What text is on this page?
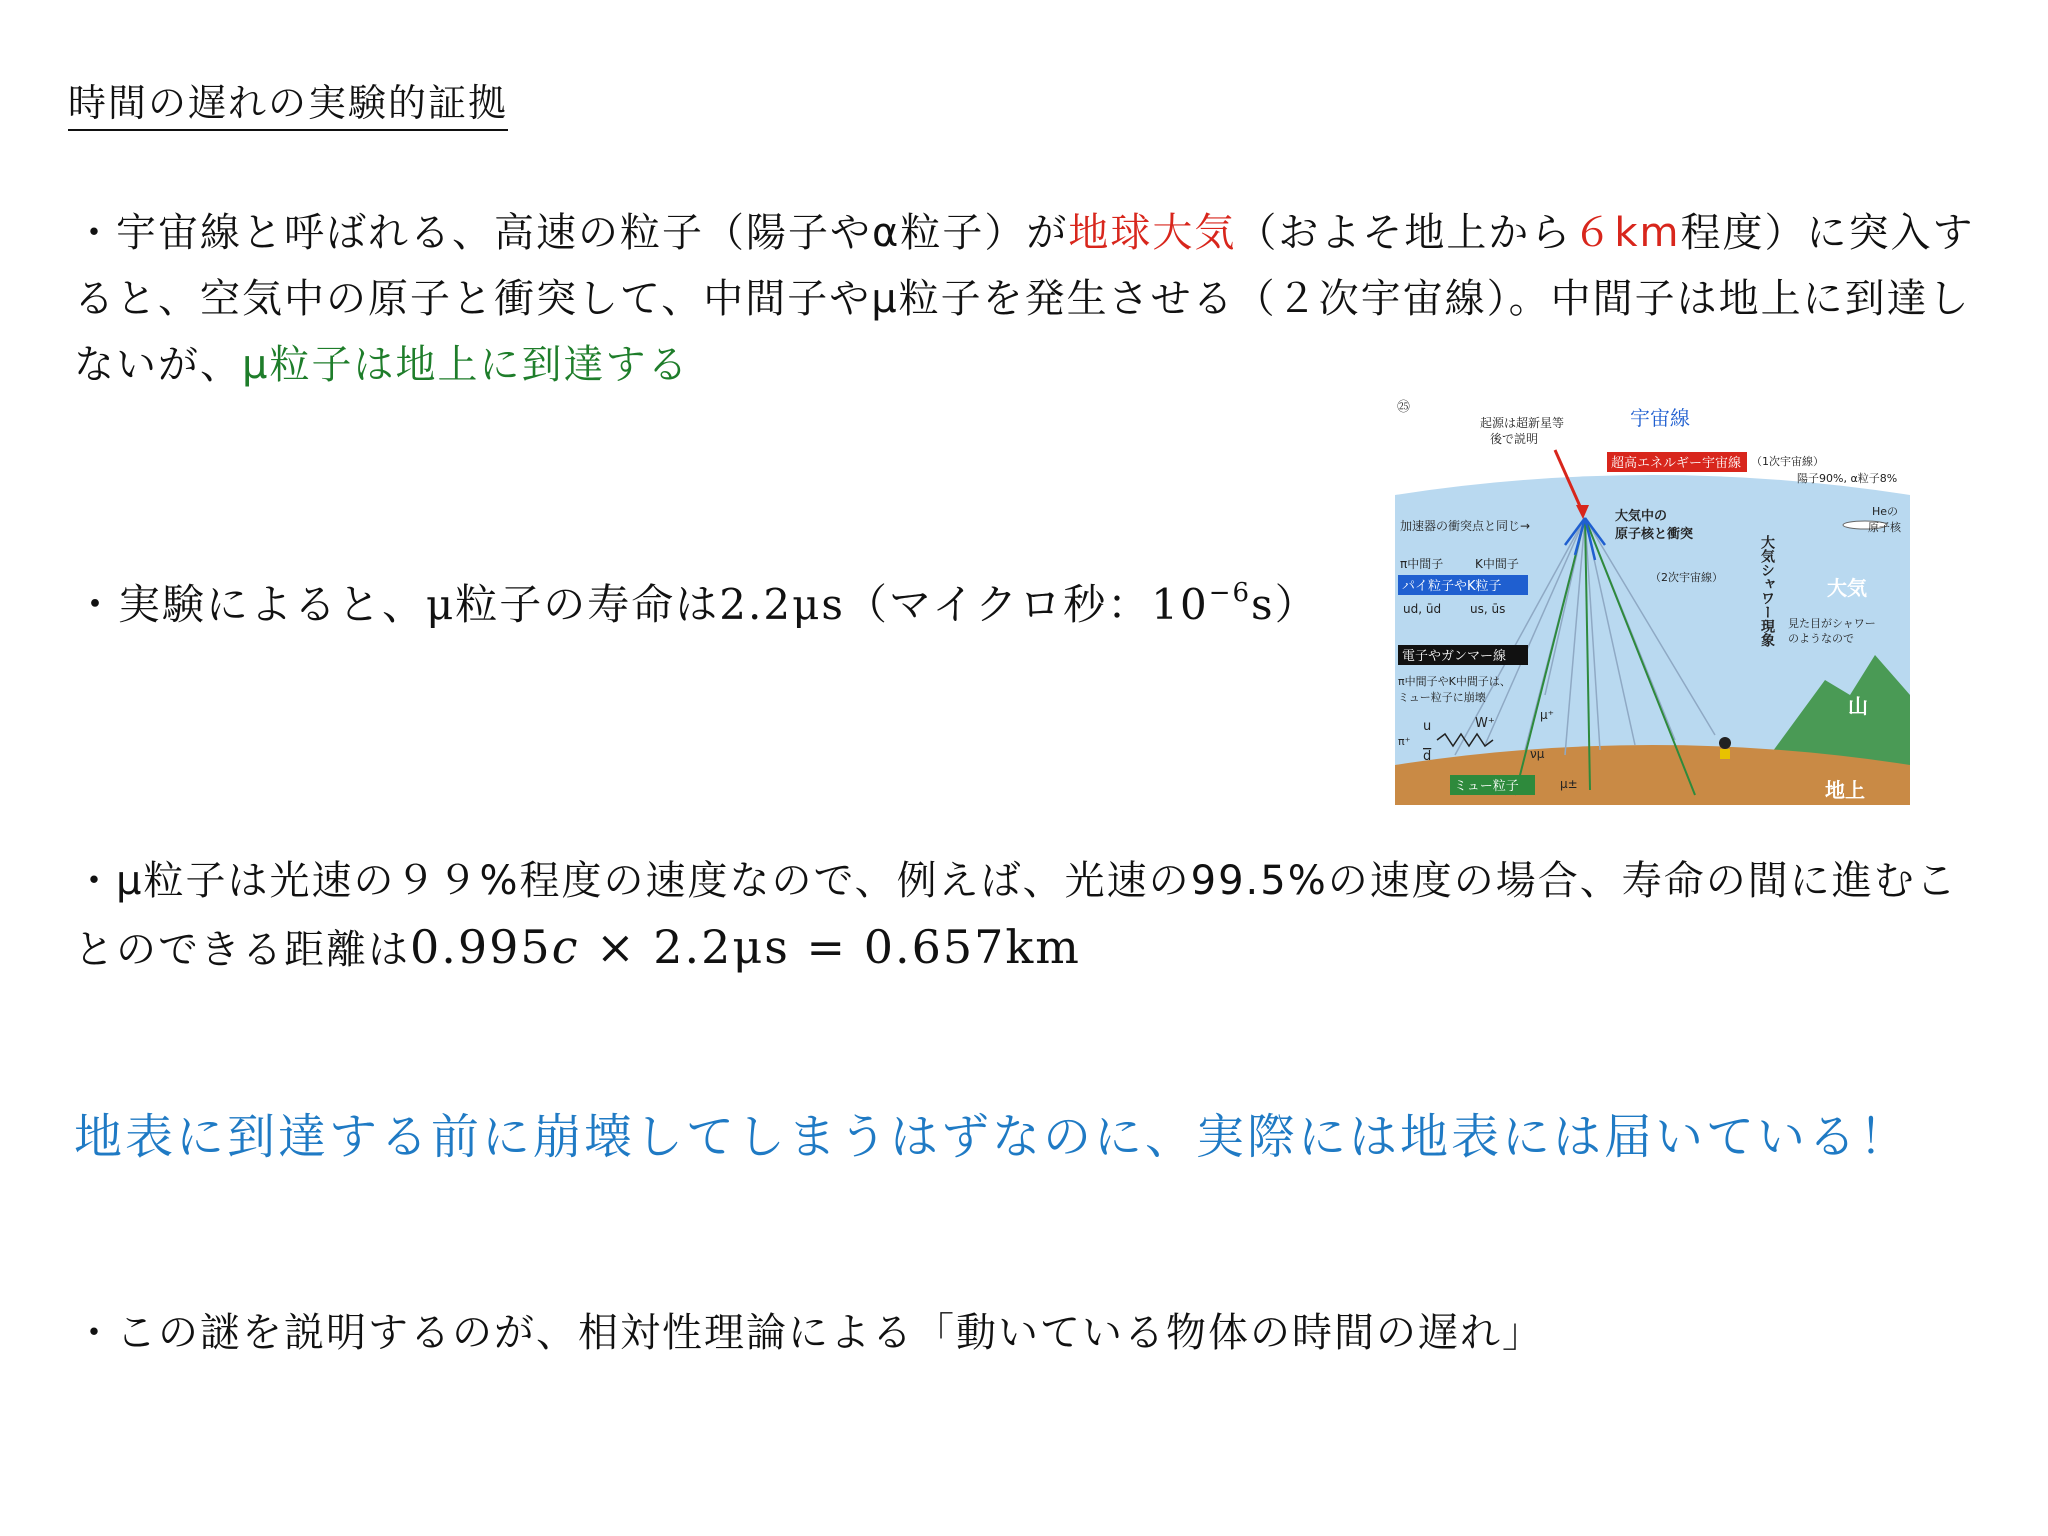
時間の遅れの実験的証拠
・宇宙線と呼ばれる、高速の粒子（陽子やα粒子）が地球大気（およそ地上から６km程度）に突入すると、空気中の原子と衝突して、中間子やμ粒子を発生させる（２次宇宙線）。中間子は地上に到達しないが、μ粒子は地上に到達する
・実験によると、μ粒子の寿命は2.2μs（マイクロ秒：$10^{-6}s$）
㉕	宇宙線
起源は超新星等
後で説明
超高エネルギー宇宙線 （1次宇宙線）
陽子90%, α粒子8%
Heの
原子核
加速器の衝突点と同じ→
大気中の
原子核と衝突
π中間子	K中間子
パイ粒子やK粒子
ud, ūd us, ūs
（2次宇宙線）	大気シャワー現象	大気
見た目がシャワー
のようなので
電子やガンマー線
π中間子やK中間子は、
ミュー粒子に崩壊
u
d
π⁺
W⁺
μ⁺
νμ
山
ミュー粒子	μ±	地上
・μ粒子は光速の９９%程度の速度なので、例えば、光速の99.5%の速度の場合、寿命の間に進むことのできる距離は0.995c × 2.2μs = 0.657km
地表に到達する前に崩壊してしまうはずなのに、実際には地表には届いている！
・この謎を説明するのが、相対性理論による「動いている物体の時間の遅れ」
